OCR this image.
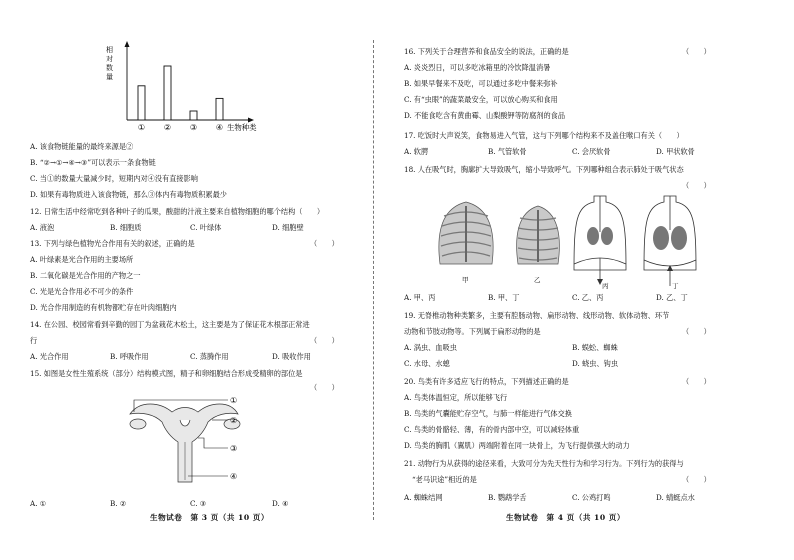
相
对
数
量
① ② ③ ④ 生物种类
A. 该食物链能量的最终来源是②
B. “②→①→④→③”可以表示一条食物链
C. 当①的数量大量减少时，短期内对④没有直接影响
D. 如果有毒物质进入该食物链，那么③体内有毒物质积累最少
12. 日常生活中经常吃到各种叶子的瓜果，酸甜的汁液主要来自植物细胞的哪个结构（　　）
A. 液泡	B. 细胞质	C. 叶绿体	D. 细胞壁
13. 下列与绿色植物光合作用有关的叙述，正确的是	（　　）
A. 叶绿素是光合作用的主要场所
B. 二氧化碳是光合作用的产物之一
C. 光是光合作用必不可少的条件
D. 光合作用制造的有机物都贮存在叶肉细胞内
14. 在公园、校园常看到辛勤的园丁为盆栽花木松土，这主要是为了保证花木根部正常进
行	（　　）
A. 光合作用	B. 呼吸作用	C. 蒸腾作用	D. 吸收作用
15. 如图是女性生殖系统（部分）结构模式图，精子和卵细胞结合形成受精卵的部位是
（　　）
①
②
③
④
A. ①	B. ②	C. ③	D. ④
生物试卷　第 3 页（共 10 页）
16. 下列关于合理营养和食品安全的说法，正确的是	（　　）
A. 炎炎烈日，可以多吃冰箱里的冷饮降温消暑
B. 如果早餐来不及吃，可以通过多吃中餐来弥补
C. 有“虫眼”的蔬菜最安全，可以放心购买和食用
D. 不能食吃含有黄曲霉、山梨酸钾等防腐剂的食品
17. 吃饭时大声说笑，食物易进入气管，这与下列哪个结构来不及盖住喉口有关（　　）
A. 软腭	B. 气管软骨	C. 会厌软骨	D. 甲状软骨
18. 人在吸气时，胸廓扩大导致吸气，缩小导致呼气。下列哪种组合表示肺处于吸气状态
（　　）
甲	乙
丙	丁
A. 甲、丙	B. 甲、丁	C. 乙、丙	D. 乙、丁
19. 无脊椎动物种类繁多，主要有腔肠动物、扁形动物、线形动物、软体动物、环节
动物和节肢动物等。下列属于扁形动物的是	（　　）
A. 涡虫、血吸虫	B. 蜈蚣、蜘蛛
C. 水母、水螅	D. 蛲虫、钩虫
20. 鸟类有许多适应飞行的特点，下列描述正确的是	（　　）
A. 鸟类体温恒定，所以能够飞行
B. 鸟类的气囊能贮存空气，与肺一样能进行气体交换
C. 鸟类的骨骼轻、薄，有的骨内部中空，可以减轻体重
D. 鸟类的胸肌（翼肌）两端附着在同一块骨上，为飞行提供强大的动力
21. 动物行为从获得的途径来看，大致可分为先天性行为和学习行为。下列行为的获得与
“老马识途”相近的是	（　　）
A. 蜘蛛结网	B. 鹦鹉学舌	C. 公鸡打鸣	D. 蜻蜓点水
生物试卷　第 4 页（共 10 页）
